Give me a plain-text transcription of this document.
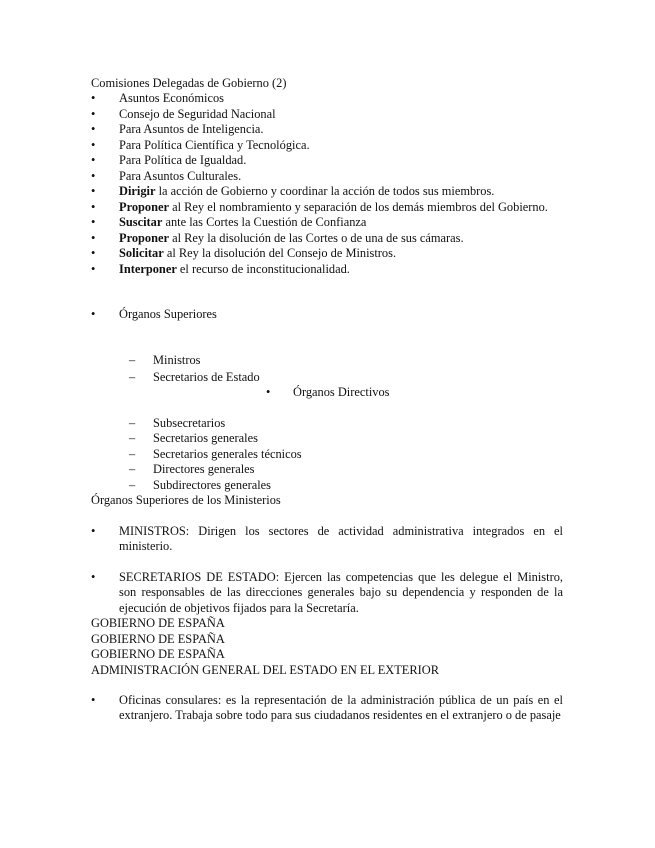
Comisiones Delegadas de Gobierno (2)
•	Asuntos Económicos
•	Consejo de Seguridad Nacional
•	Para Asuntos de Inteligencia.
•	Para Política Científica y Tecnológica.
•	Para Política de Igualdad.
•	Para Asuntos Culturales.
•	Dirigir la acción de Gobierno y coordinar la acción de todos sus miembros.
•	Proponer al Rey el nombramiento y separación de los demás miembros del Gobierno.
•	Suscitar ante las Cortes la Cuestión de Confianza
•	Proponer al Rey la disolución de las Cortes o de una de sus cámaras.
•	Solicitar al Rey la disolución del Consejo de Ministros.
•	Interponer el recurso de inconstitucionalidad.
•	Órganos Superiores
– Ministros
– Secretarios de Estado
•	Órganos Directivos
– Subsecretarios
– Secretarios generales
– Secretarios generales técnicos
– Directores generales
– Subdirectores generales
Órganos Superiores de los Ministerios
•	MINISTROS: Dirigen los sectores de actividad administrativa integrados en el ministerio.
•	SECRETARIOS DE ESTADO: Ejercen las competencias que les delegue el Ministro, son responsables de las direcciones generales bajo su dependencia y responden de la ejecución de objetivos fijados para la Secretaría.
GOBIERNO DE ESPAÑA
GOBIERNO DE ESPAÑA
GOBIERNO DE ESPAÑA
ADMINISTRACIÓN GENERAL DEL ESTADO EN EL EXTERIOR
•	Oficinas consulares: es la representación de la administración pública de un país en el extranjero. Trabaja sobre todo para sus ciudadanos residentes en el extranjero o de pasaje
